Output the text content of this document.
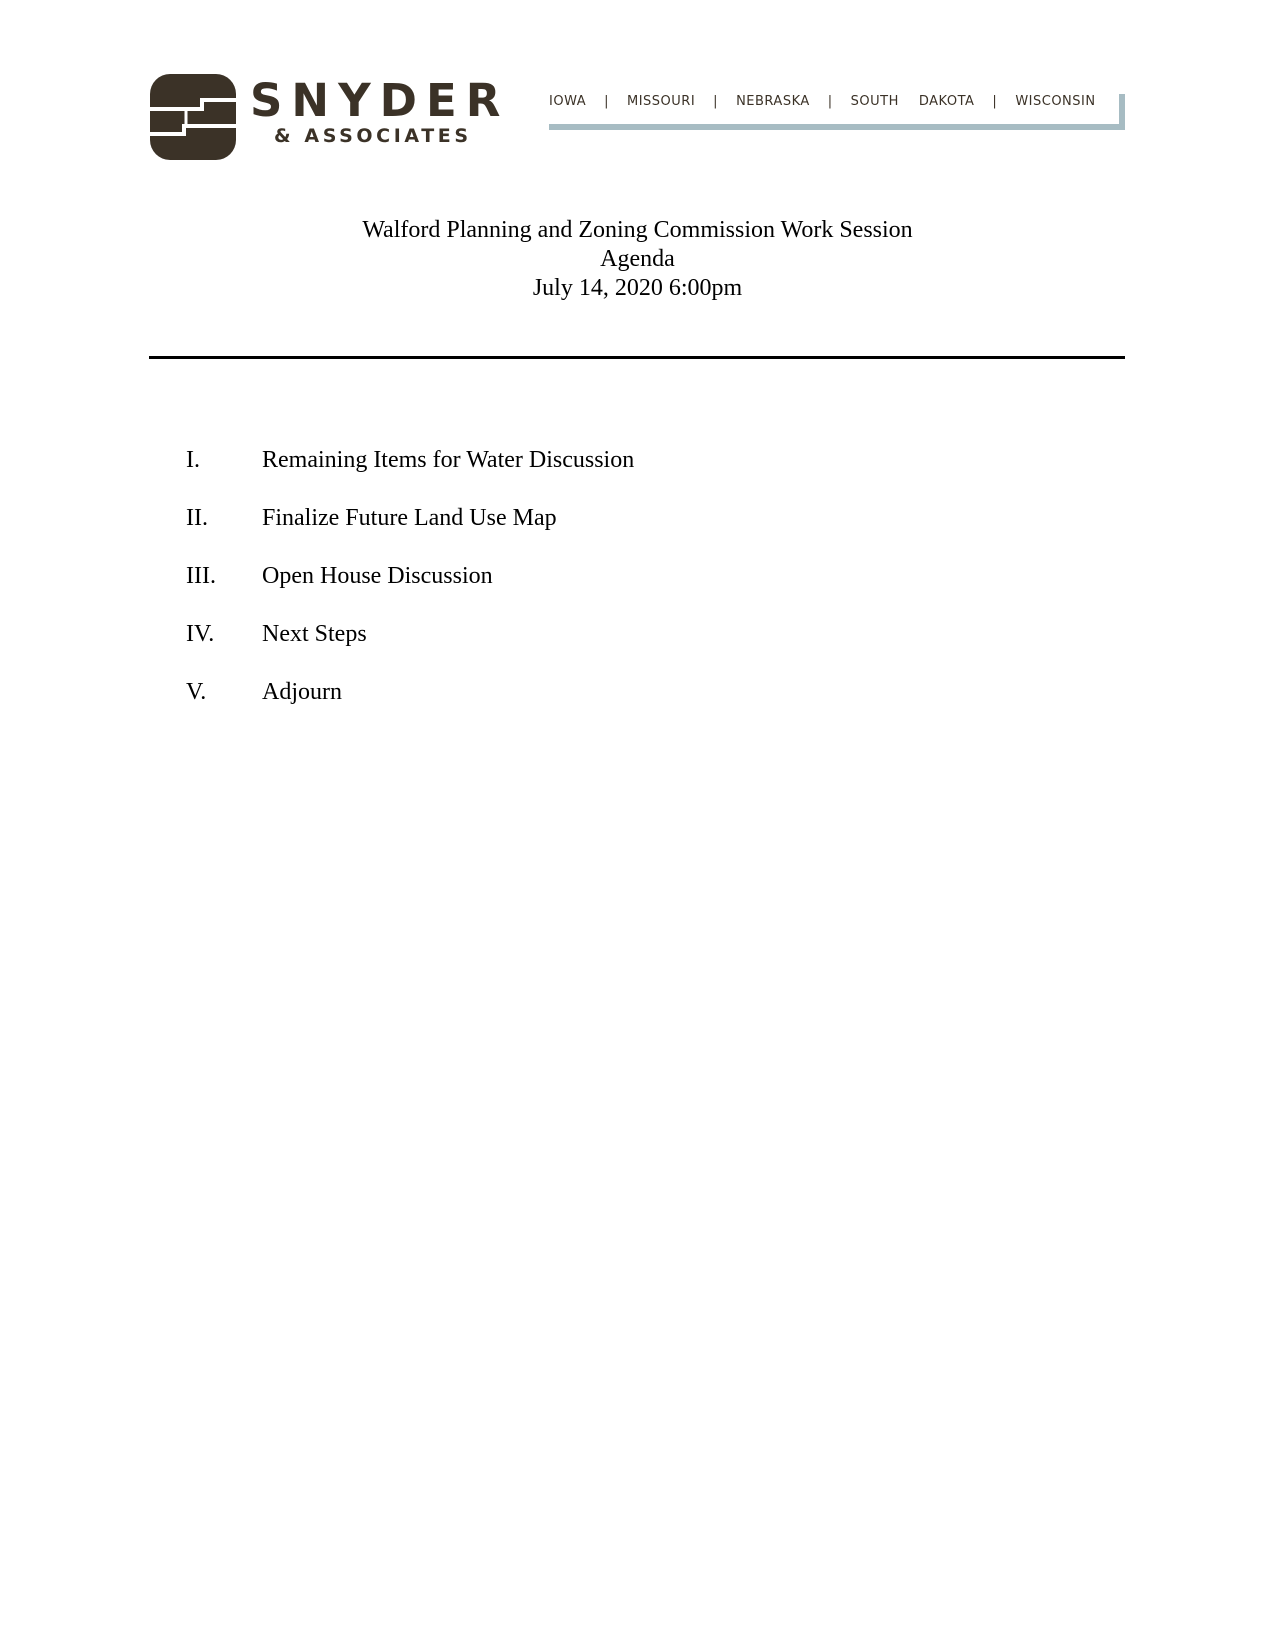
SNYDER
& ASSOCIATES
IOWA | MISSOURI | NEBRASKA | SOUTH DAKOTA | WISCONSIN
Walford Planning and Zoning Commission Work Session
Agenda
July 14, 2020 6:00pm
I.	Remaining Items for Water Discussion
II.	Finalize Future Land Use Map
III.	Open House Discussion
IV.	Next Steps
V.	Adjourn
